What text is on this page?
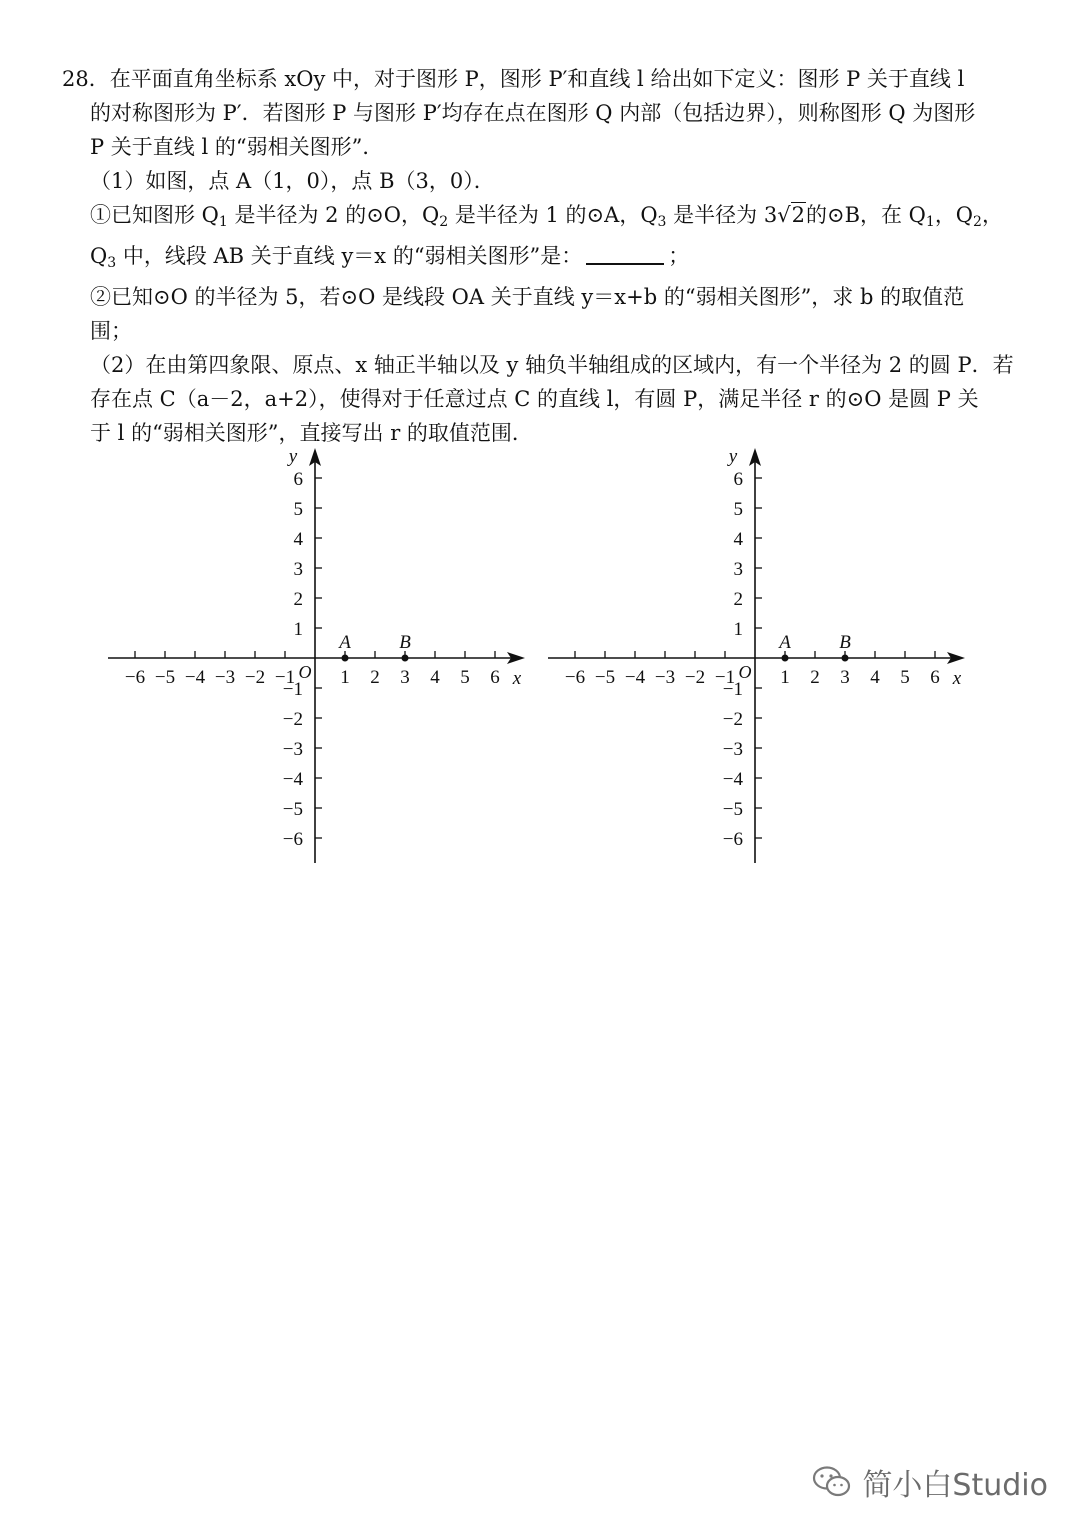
28．在平面直角坐标系 xOy 中，对于图形 P，图形 P′和直线 l 给出如下定义：图形 P 关于直线 l
的对称图形为 P′．若图形 P 与图形 P′均存在点在图形 Q 内部（包括边界），则称图形 Q 为图形
P 关于直线 l 的“弱相关图形”．
（1）如图，点 A（1，0），点 B（3，0）．
①已知图形 $Q_1$ 是半径为 2 的⊙O，$Q_2$ 是半径为 1 的⊙A，$Q_3$ 是半径为 3√2的⊙B，在 $Q_1$，$Q_2$，
$Q_3$ 中，线段 AB 关于直线 y＝x 的“弱相关图形”是：	；
②已知⊙O 的半径为 5，若⊙O 是线段 OA 关于直线 y＝x+b 的“弱相关图形”，求 b 的取值范
围；
（2）在由第四象限、原点、x 轴正半轴以及 y 轴负半轴组成的区域内，有一个半径为 2 的圆 P．若
存在点 C（a－2，a+2），使得对于任意过点 C 的直线 l，有圆 P，满足半径 r 的⊙O 是圆 P 关
于 l 的“弱相关图形”，直接写出 r 的取值范围．
−6 −5 −4 −3 −2 −1 1 2 3 4 5 6
6
5
4
3
2
1
−1
−2
−3
−4
−5
−6
x
y
O
A	B
−6 −5 −4 −3 −2 −1 1 2 3 4 5 6
6
5
4
3
2
1
−1
−2
−3
−4
−5
−6
x
y
O
A	B
简小白Studio
